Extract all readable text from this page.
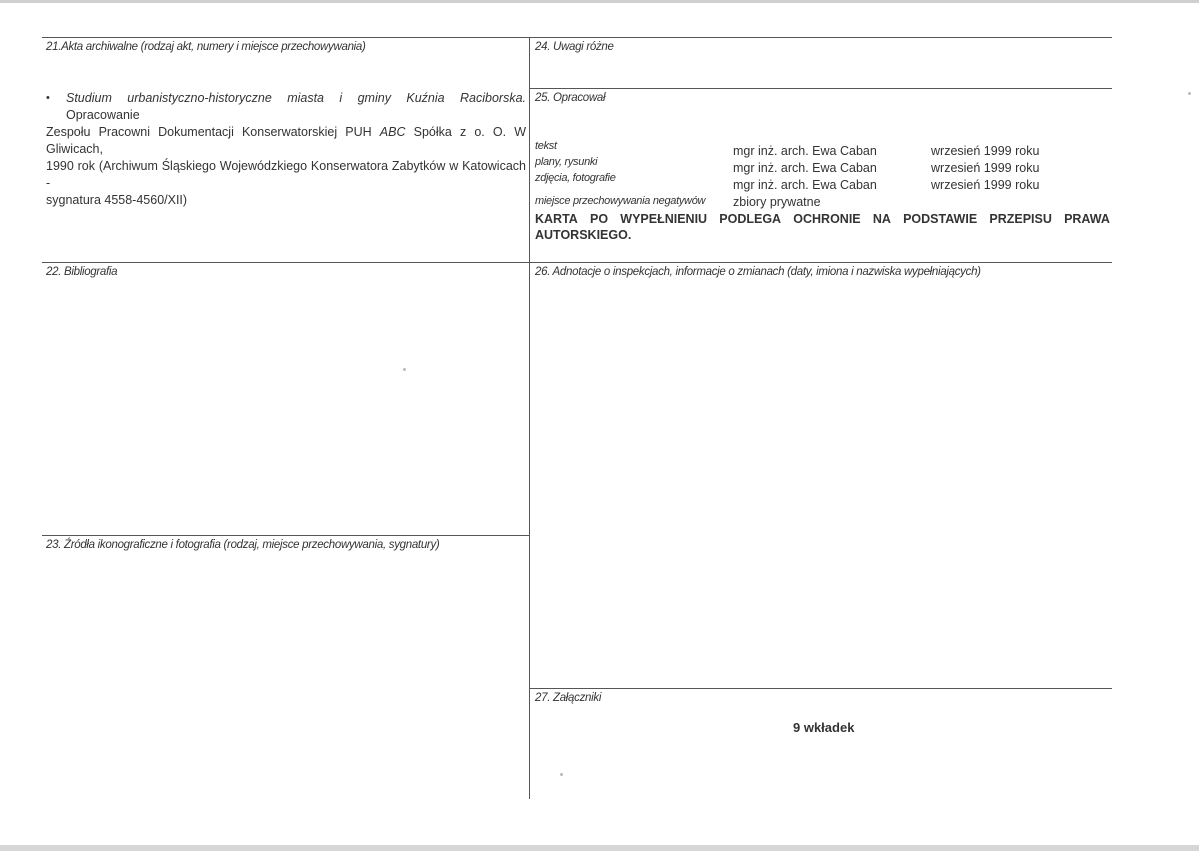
21.Akta archiwalne (rodzaj akt, numery i miejsce przechowywania)
• Studium urbanistyczno-historyczne miasta i gminy Kuźnia Raciborska. Opracowanie
Zespołu Pracowni Dokumentacji Konserwatorskiej PUH ABC Spółka z o. O. W Gliwicach,
1990 rok (Archiwum Śląskiego Wojewódzkiego Konserwatora Zabytków w Katowicach -
sygnatura 4558-4560/XII)
22. Bibliografia
23. Źródła ikonograficzne i fotografia (rodzaj, miejsce przechowywania, sygnatury)
24. Uwagi różne
25. Opracował
tekst
plany, rysunki
zdjęcia, fotografie
mgr inż. arch. Ewa Caban
mgr inż. arch. Ewa Caban
mgr inż. arch. Ewa Caban
wrzesień 1999 roku
wrzesień 1999 roku
wrzesień 1999 roku
miejsce przechowywania negatywów zbiory prywatne
KARTA PO WYPEŁNIENIU PODLEGA OCHRONIE NA PODSTAWIE PRZEPISU PRAWA
AUTORSKIEGO.
26. Adnotacje o inspekcjach, informacje o zmianach (daty, imiona i nazwiska wypełniających)
27. Załączniki
9 wkładek
